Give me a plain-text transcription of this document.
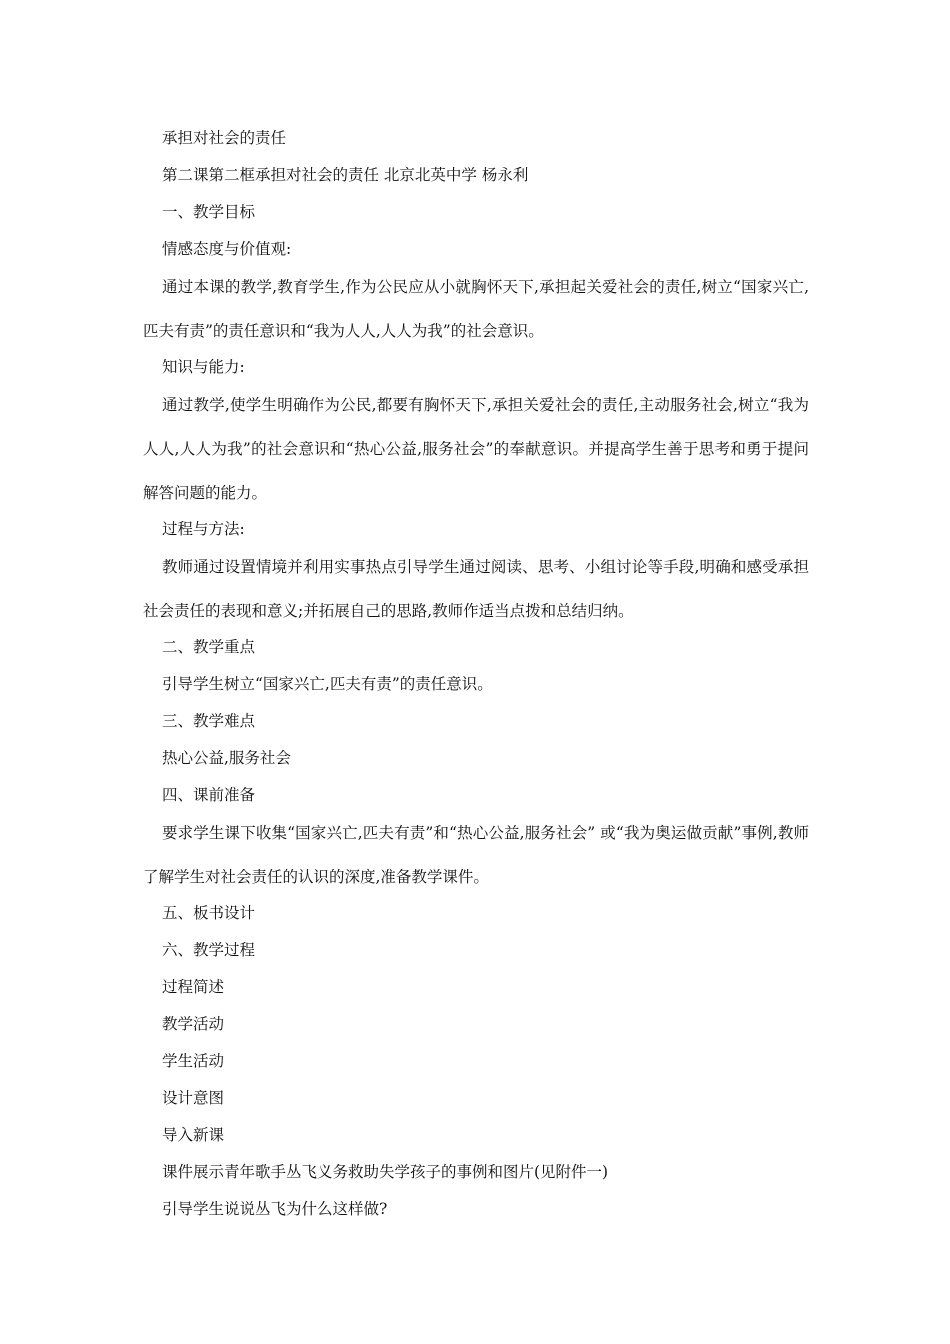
承担对社会的责任

第二课第二框承担对社会的责任 北京北英中学 杨永利

一、教学目标

情感态度与价值观:

通过本课的教学,教育学生,作为公民应从小就胸怀天下,承担起关爱社会的责任,树立“国家兴亡,匹夫有责”的责任意识和“我为人人,人人为我”的社会意识。

知识与能力:

通过教学,使学生明确作为公民,都要有胸怀天下,承担关爱社会的责任,主动服务社会,树立“我为人人,人人为我”的社会意识和“热心公益,服务社会”的奉献意识。并提高学生善于思考和勇于提问解答问题的能力。

过程与方法:

教师通过设置情境并利用实事热点引导学生通过阅读、思考、小组讨论等手段,明确和感受承担社会责任的表现和意义;并拓展自己的思路,教师作适当点拨和总结归纳。

二、教学重点

引导学生树立“国家兴亡,匹夫有责”的责任意识。

三、教学难点

热心公益,服务社会

四、课前准备

要求学生课下收集“国家兴亡,匹夫有责”和“热心公益,服务社会” 或“我为奥运做贡献”事例,教师了解学生对社会责任的认识的深度,准备教学课件。

五、板书设计

六、教学过程

过程简述

教学活动

学生活动

设计意图

导入新课

课件展示青年歌手丛飞义务救助失学孩子的事例和图片(见附件一)

引导学生说说丛飞为什么这样做?
